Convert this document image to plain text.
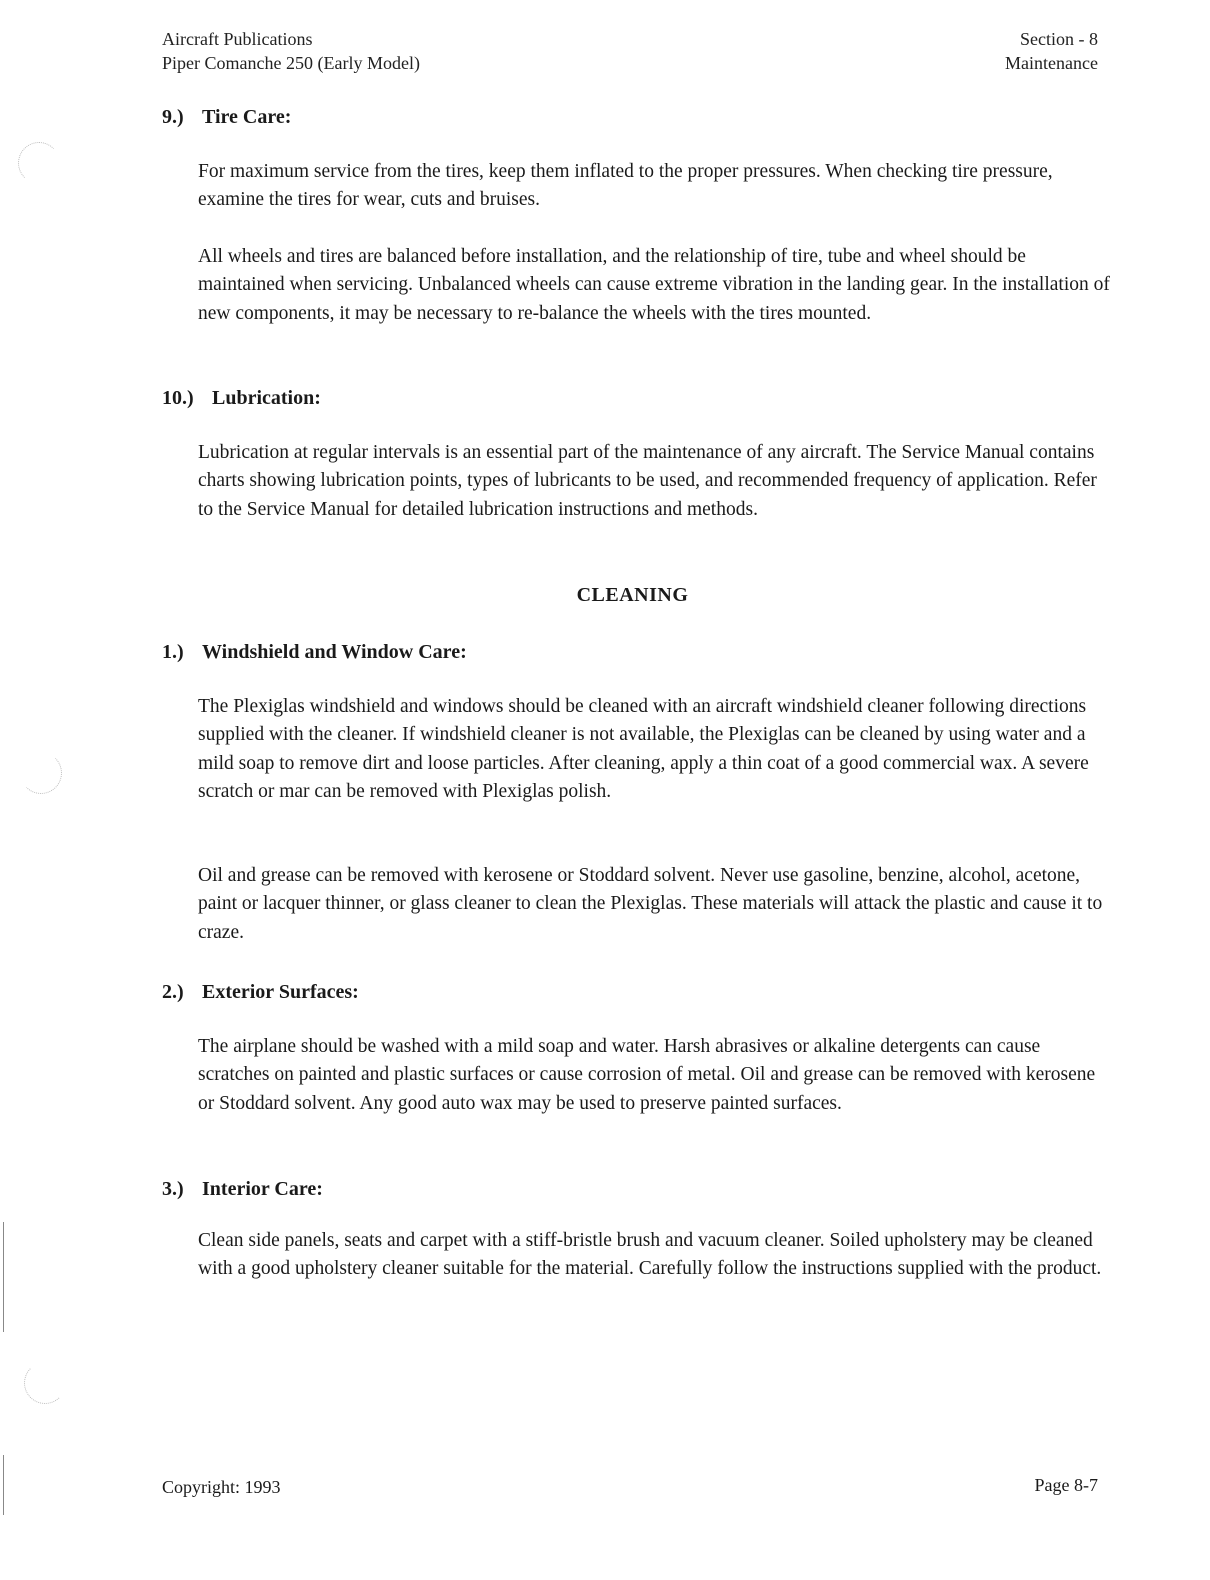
Aircraft Publications
Piper Comanche 250 (Early Model)
Section - 8
Maintenance
9.) Tire Care:
For maximum service from the tires, keep them inflated to the proper pressures. When checking tire pressure, examine the tires for wear, cuts and bruises.
All wheels and tires are balanced before installation, and the relationship of tire, tube and wheel should be maintained when servicing. Unbalanced wheels can cause extreme vibration in the landing gear. In the installation of new components, it may be necessary to re-balance the wheels with the tires mounted.
10.) Lubrication:
Lubrication at regular intervals is an essential part of the maintenance of any aircraft. The Service Manual contains charts showing lubrication points, types of lubricants to be used, and recommended frequency of application. Refer to the Service Manual for detailed lubrication instructions and methods.
CLEANING
1.) Windshield and Window Care:
The Plexiglas windshield and windows should be cleaned with an aircraft windshield cleaner following directions supplied with the cleaner. If windshield cleaner is not available, the Plexiglas can be cleaned by using water and a mild soap to remove dirt and loose particles. After cleaning, apply a thin coat of a good commercial wax. A severe scratch or mar can be removed with Plexiglas polish.
Oil and grease can be removed with kerosene or Stoddard solvent. Never use gasoline, benzine, alcohol, acetone, paint or lacquer thinner, or glass cleaner to clean the Plexiglas. These materials will attack the plastic and cause it to craze.
2.) Exterior Surfaces:
The airplane should be washed with a mild soap and water. Harsh abrasives or alkaline detergents can cause scratches on painted and plastic surfaces or cause corrosion of metal. Oil and grease can be removed with kerosene or Stoddard solvent. Any good auto wax may be used to preserve painted surfaces.
3.) Interior Care:
Clean side panels, seats and carpet with a stiff-bristle brush and vacuum cleaner. Soiled upholstery may be cleaned with a good upholstery cleaner suitable for the material. Carefully follow the instructions supplied with the product.
Copyright: 1993	Page 8-7
